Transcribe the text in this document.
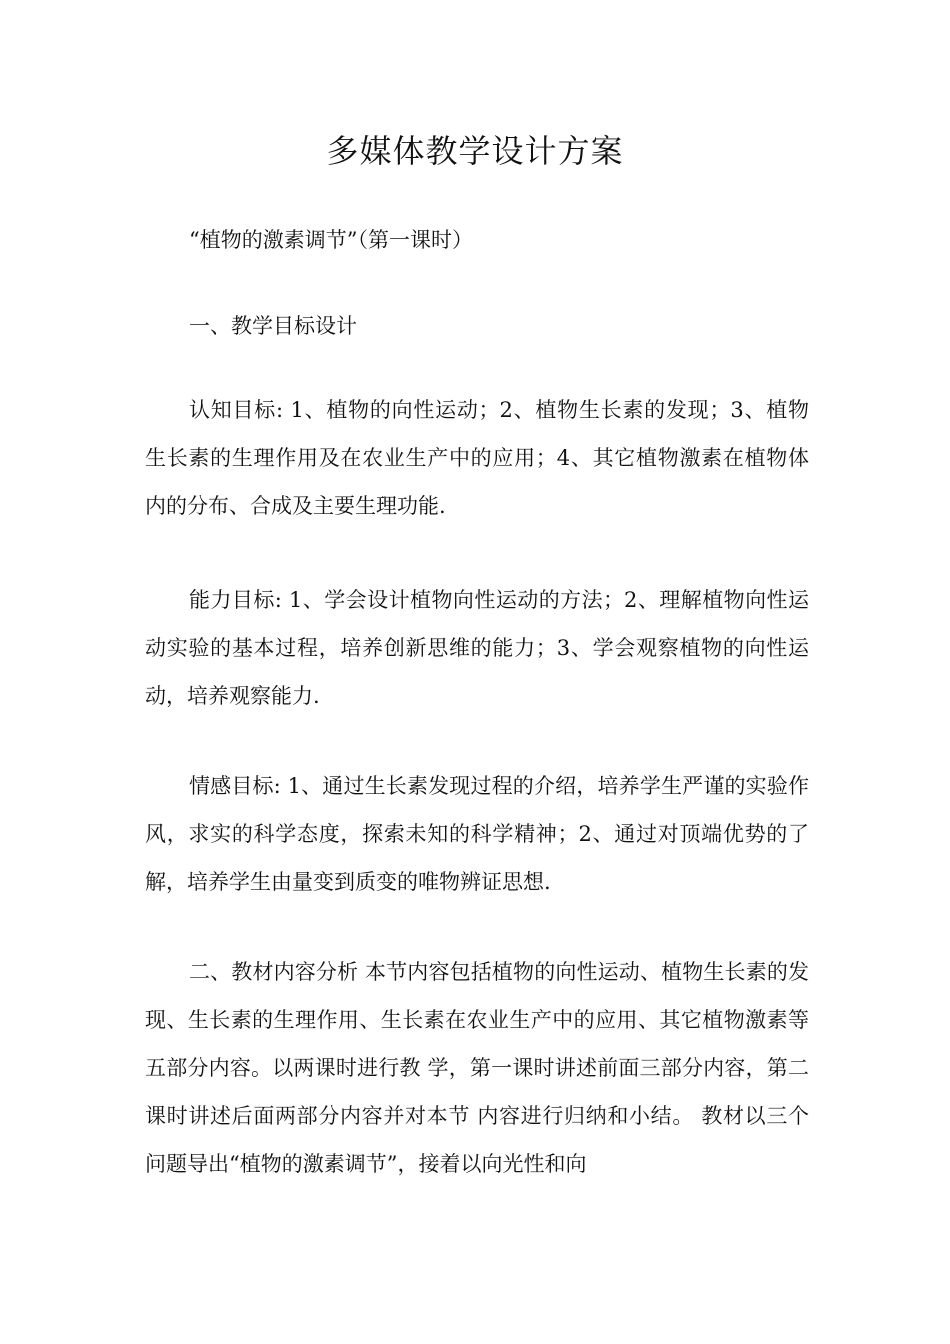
多媒体教学设计方案

“植物的激素调节”（第一课时）

一、教学目标设计

认知目标: 1、植物的向性运动；2、植物生长素的发现；3、植物生长素的生理作用及在农业生产中的应用；4、其它植物激素在植物体内的分布、合成及主要生理功能.

能力目标: 1、学会设计植物向性运动的方法；2、理解植物向性运动实验的基本过程，培养创新思维的能力；3、学会观察植物的向性运动，培养观察能力.

情感目标: 1、通过生长素发现过程的介绍，培养学生严谨的实验作风，求实的科学态度，探索未知的科学精神；2、通过对顶端优势的了解，培养学生由量变到质变的唯物辨证思想.

二、教材内容分析 本节内容包括植物的向性运动、植物生长素的发现、生长素的生理作用、生长素在农业生产中的应用、其它植物激素等五部分内容。以两课时进行教 学，第一课时讲述前面三部分内容，第二课时讲述后面两部分内容并对本节 内容进行归纳和小结。 教材以三个问题导出“植物的激素调节”，接着以向光性和向
